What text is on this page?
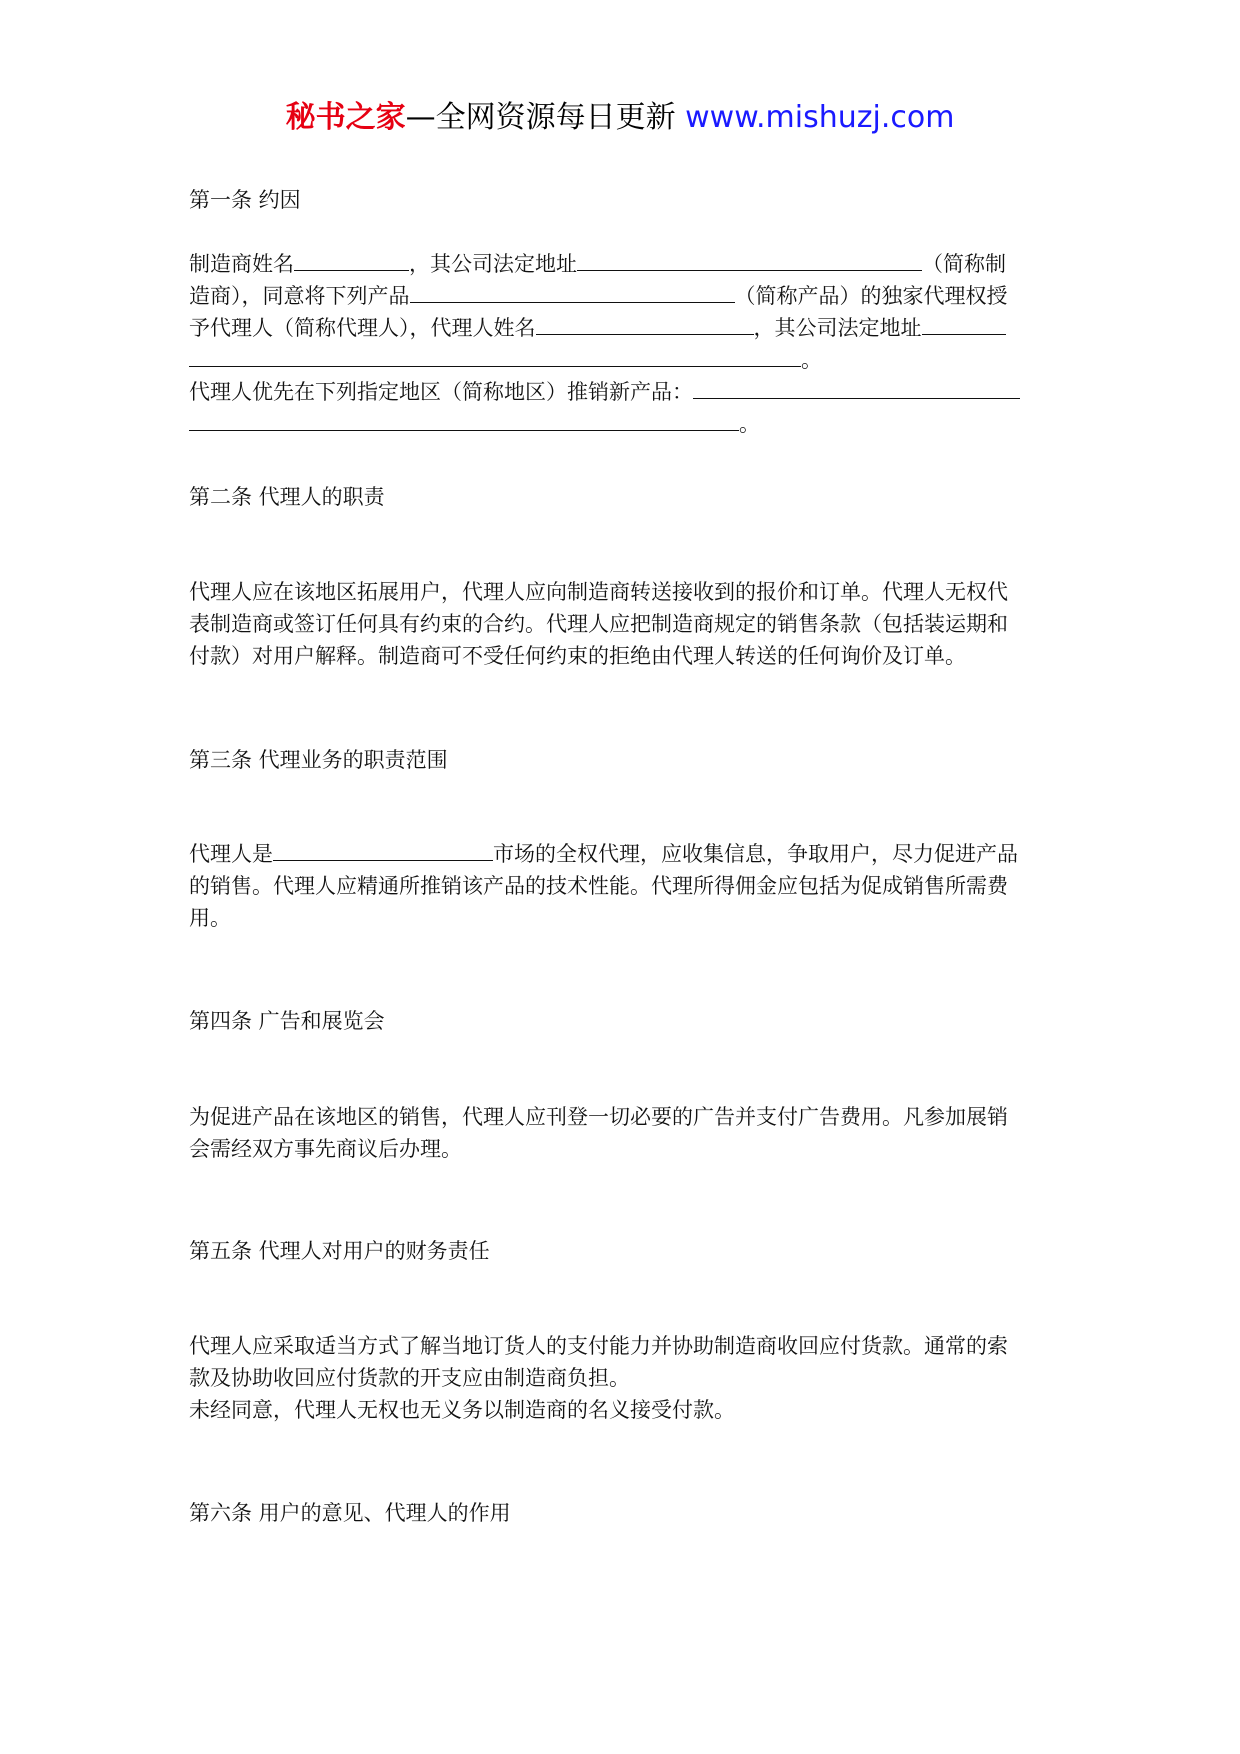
秘书之家—全网资源每日更新 www.mishuzj.com
第一条 约因
制造商姓名	，其公司法定地址	（简称制
造商），同意将下列产品	（简称产品）的独家代理权授
予代理人（简称代理人），代理人姓名	，其公司法定地址
。
代理人优先在下列指定地区（简称地区）推销新产品：
。
第二条 代理人的职责
代理人应在该地区拓展用户，代理人应向制造商转送接收到的报价和订单。代理人无权代
表制造商或签订任何具有约束的合约。代理人应把制造商规定的销售条款（包括装运期和
付款）对用户解释。制造商可不受任何约束的拒绝由代理人转送的任何询价及订单。
第三条 代理业务的职责范围
代理人是	市场的全权代理，应收集信息，争取用户，尽力促进产品
的销售。代理人应精通所推销该产品的技术性能。代理所得佣金应包括为促成销售所需费
用。
第四条 广告和展览会
为促进产品在该地区的销售，代理人应刊登一切必要的广告并支付广告费用。凡参加展销
会需经双方事先商议后办理。
第五条 代理人对用户的财务责任
代理人应采取适当方式了解当地订货人的支付能力并协助制造商收回应付货款。通常的索
款及协助收回应付货款的开支应由制造商负担。
未经同意，代理人无权也无义务以制造商的名义接受付款。
第六条 用户的意见、代理人的作用
